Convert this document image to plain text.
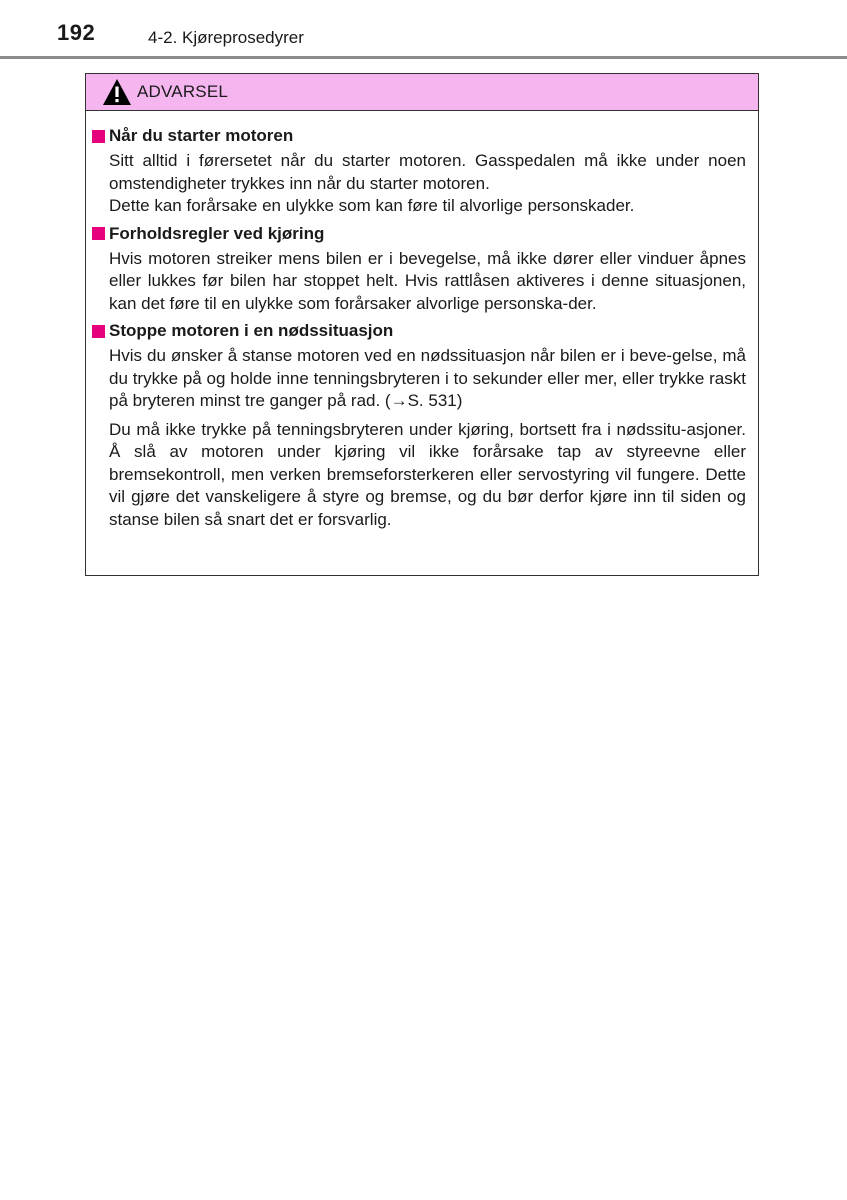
192	4-2. Kjøreprosedyrer
ADVARSEL
Når du starter motoren

Sitt alltid i førersetet når du starter motoren. Gasspedalen må ikke under noen omstendigheter trykkes inn når du starter motoren.

Dette kan forårsake en ulykke som kan føre til alvorlige personskader.

Forholdsregler ved kjøring

Hvis motoren streiker mens bilen er i bevegelse, må ikke dører eller vinduer åpnes eller lukkes før bilen har stoppet helt. Hvis rattlåsen aktiveres i denne situasjonen, kan det føre til en ulykke som forårsaker alvorlige personska-der.

Stoppe motoren i en nødssituasjon

Hvis du ønsker å stanse motoren ved en nødssituasjon når bilen er i beve-gelse, må du trykke på og holde inne tenningsbryteren i to sekunder eller mer, eller trykke raskt på bryteren minst tre ganger på rad. (→S. 531)

Du må ikke trykke på tenningsbryteren under kjøring, bortsett fra i nødssitu-asjoner. Å slå av motoren under kjøring vil ikke forårsake tap av styreevne eller bremsekontroll, men verken bremseforsterkeren eller servostyring vil fungere. Dette vil gjøre det vanskeligere å styre og bremse, og du bør derfor kjøre inn til siden og stanse bilen så snart det er forsvarlig.
